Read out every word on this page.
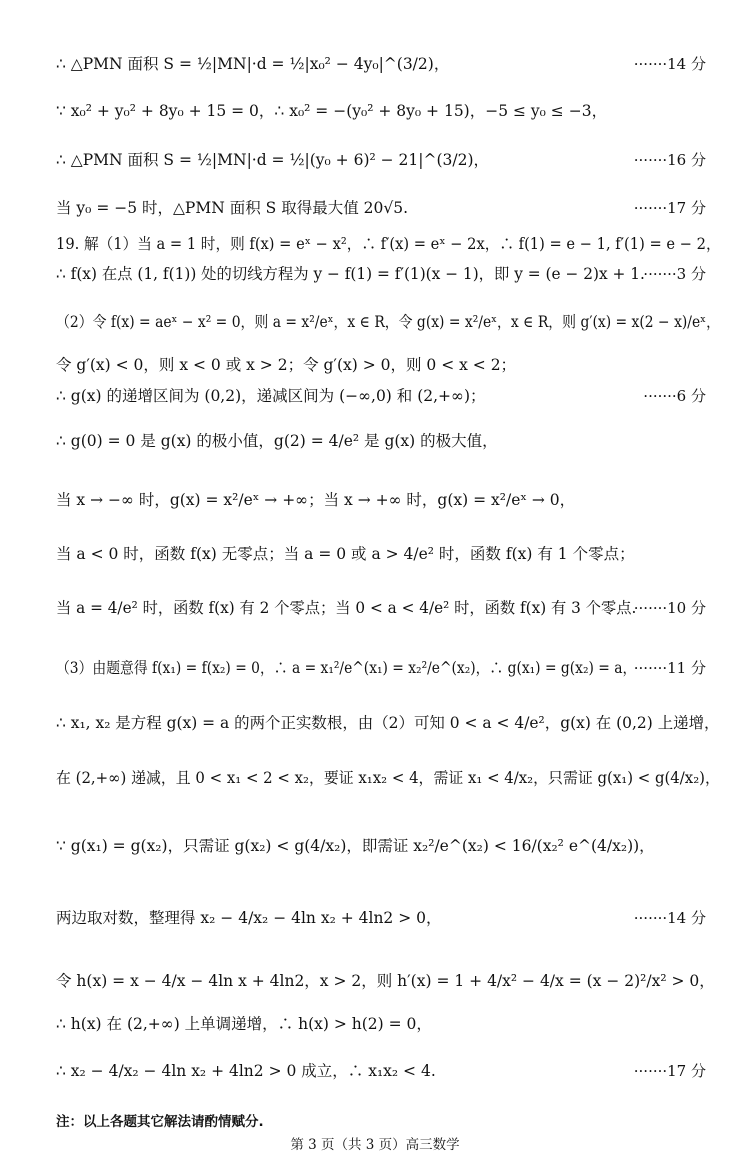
∴ △PMN 面积 S = ½|MN|·d = ½|x₀² − 4y₀|^(3/2)，	·······14 分
∵ x₀² + y₀² + 8y₀ + 15 = 0，∴ x₀² = −(y₀² + 8y₀ + 15)，−5 ≤ y₀ ≤ −3，
∴ △PMN 面积 S = ½|MN|·d = ½|(y₀ + 6)² − 21|^(3/2)，	·······16 分
当 y₀ = −5 时，△PMN 面积 S 取得最大值 20√5.	·······17 分
19. 解（1）当 a = 1 时，则 f(x) = eˣ − x²，∴ f′(x) = eˣ − 2x，∴ f(1) = e − 1, f′(1) = e − 2，
∴ f(x) 在点 (1, f(1)) 处的切线方程为 y − f(1) = f′(1)(x − 1)，即 y = (e − 2)x + 1.
·······3 分
（2）令 f(x) = aeˣ − x² = 0，则 a = x²/eˣ，x ∈ R，令 g(x) = x²/eˣ，x ∈ R，则 g′(x) = x(2 − x)/eˣ，
令 g′(x) < 0，则 x < 0 或 x > 2；令 g′(x) > 0，则 0 < x < 2；
∴ g(x) 的递增区间为 (0,2)，递减区间为 (−∞,0) 和 (2,+∞)；	·······6 分
∴ g(0) = 0 是 g(x) 的极小值，g(2) = 4/e² 是 g(x) 的极大值，
当 x → −∞ 时，g(x) = x²/eˣ → +∞；当 x → +∞ 时，g(x) = x²/eˣ → 0，
当 a < 0 时，函数 f(x) 无零点；当 a = 0 或 a > 4/e² 时，函数 f(x) 有 1 个零点；
当 a = 4/e² 时，函数 f(x) 有 2 个零点；当 0 < a < 4/e² 时，函数 f(x) 有 3 个零点.
·······10 分
（3）由题意得 f(x₁) = f(x₂) = 0，∴ a = x₁²/e^(x₁) = x₂²/e^(x₂)，∴ g(x₁) = g(x₂) = a，
·······11 分
∴ x₁, x₂ 是方程 g(x) = a 的两个正实数根，由（2）可知 0 < a < 4/e²，g(x) 在 (0,2) 上递增，
在 (2,+∞) 递减，且 0 < x₁ < 2 < x₂，要证 x₁x₂ < 4，需证 x₁ < 4/x₂，只需证 g(x₁) < g(4/x₂)，
∵ g(x₁) = g(x₂)，只需证 g(x₂) < g(4/x₂)，即需证 x₂²/e^(x₂) < 16/(x₂² e^(4/x₂))，
两边取对数，整理得 x₂ − 4/x₂ − 4ln x₂ + 4ln2 > 0，	·······14 分
令 h(x) = x − 4/x − 4ln x + 4ln2，x > 2，则 h′(x) = 1 + 4/x² − 4/x = (x − 2)²/x² > 0，
∴ h(x) 在 (2,+∞) 上单调递增，∴ h(x) > h(2) = 0，
∴ x₂ − 4/x₂ − 4ln x₂ + 4ln2 > 0 成立，∴ x₁x₂ < 4.	·······17 分
注：以上各题其它解法请酌情赋分.
第 3 页（共 3 页）高三数学
